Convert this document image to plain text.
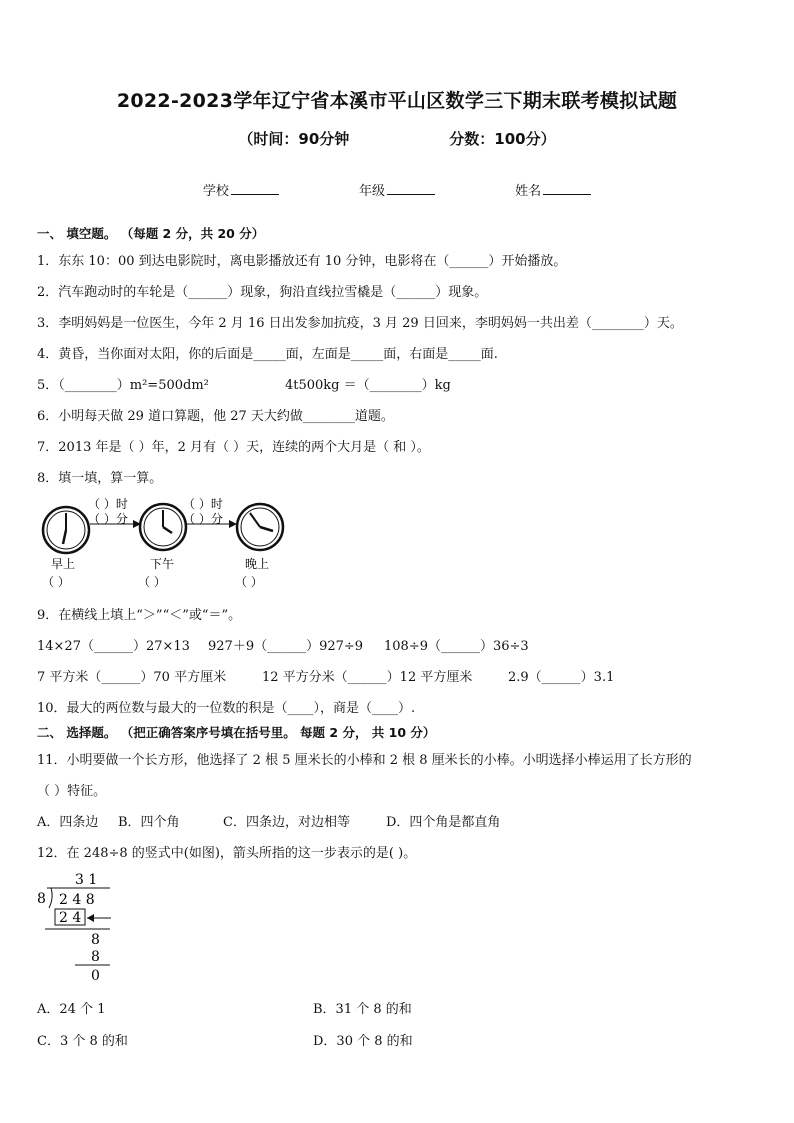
2022-2023学年辽宁省本溪市平山区数学三下期末联考模拟试题
（时间：90分钟	分数：100分）
学校	年级	姓名
一、 填空题。 （每题 2 分，共 20 分）
1．东东 10：00 到达电影院时，离电影播放还有 10 分钟，电影将在（______）开始播放。
2．汽车跑动时的车轮是（______）现象，狗沿直线拉雪橇是（______）现象。
3．李明妈妈是一位医生，今年 2 月 16 日出发参加抗疫，3 月 29 日回来，李明妈妈一共出差（________）天。
4．黄昏，当你面对太阳，你的后面是_____面，左面是_____面，右面是_____面.
5．（________）m²=500dm²	4t500kg ＝（________）kg
6．小明每天做 29 道口算题，他 27 天大约做________道题。
7．2013 年是（ ）年，2 月有（ ）天，连续的两个大月是（ 和 ）。
8．填一填，算一算。
（ ）时
（ ）分
（ ）时
（ ）分
早上	下午	晚上
（ ）	（ ）	（ ）
9．在横线上填上“＞”“＜”或“＝”。
14×27（______）27×13 927＋9（______）927÷9 108÷9（______）36÷3
7 平方米（______）70 平方厘米	12 平方分米（______）12 平方厘米	2.9（______）3.1
10．最大的两位数与最大的一位数的积是（____），商是（____）.
二、 选择题。 （把正确答案序号填在括号里。 每题 2 分， 共 10 分）
11．小明要做一个长方形，他选择了 2 根 5 厘米长的小棒和 2 根 8 厘米长的小棒。小明选择小棒运用了长方形的
（ ）特征。
A．四条边 B．四个角	C．四条边，对边相等	D．四个角是都直角
12．在 248÷8 的竖式中(如图)，箭头所指的这一步表示的是( )。
3 1
8 2 4 8
2 4
8
8
0
A．24 个 1	B．31 个 8 的和
C．3 个 8 的和	D．30 个 8 的和
